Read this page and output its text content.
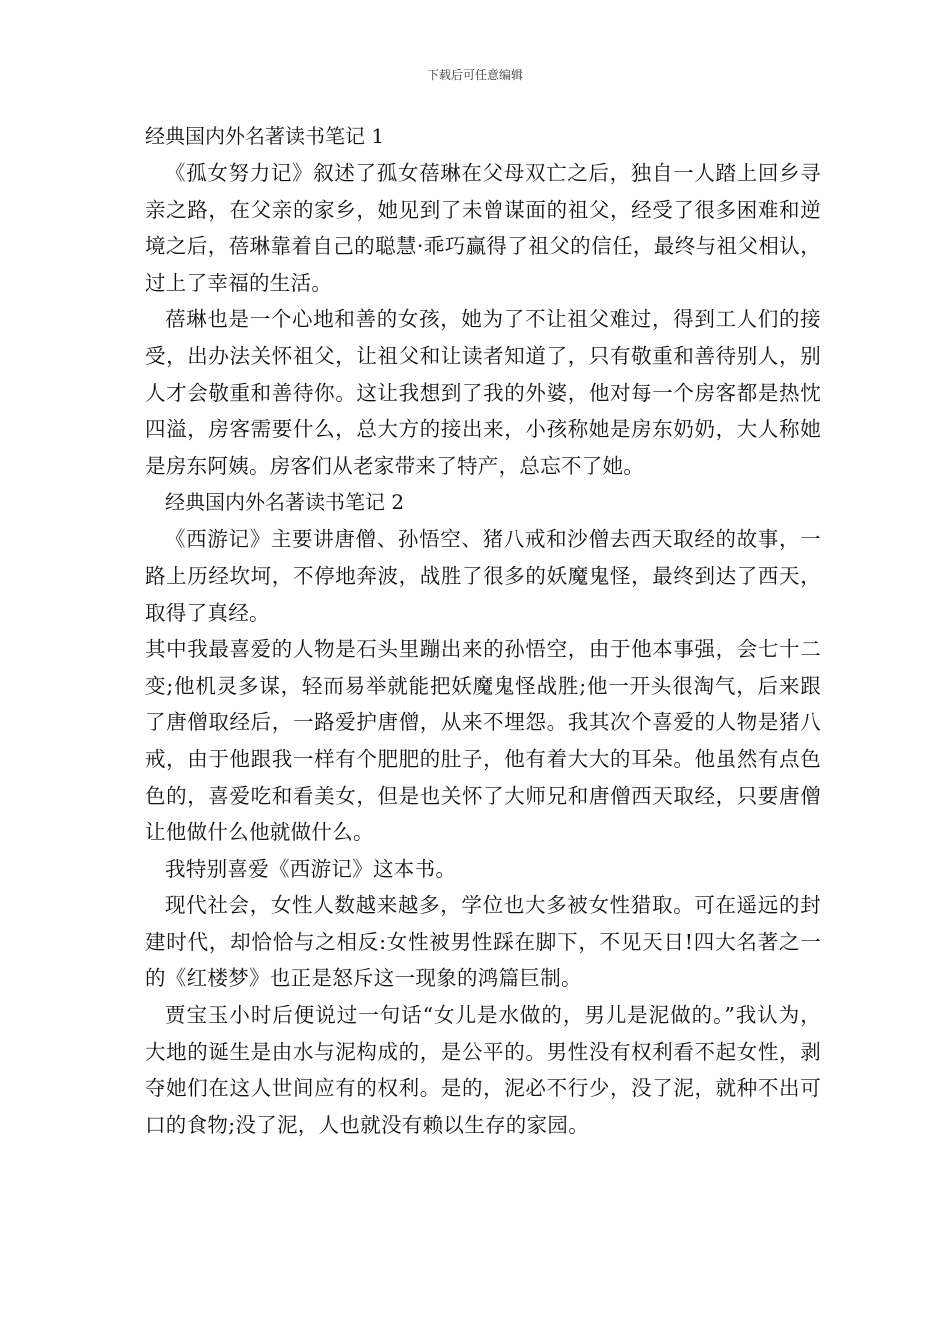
下载后可任意编辑
经典国内外名著读书笔记 1

《孤女努力记》叙述了孤女蓓琳在父母双亡之后，独自一人踏上回乡寻亲之路，在父亲的家乡，她见到了未曾谋面的祖父，经受了很多困难和逆境之后，蓓琳靠着自己的聪慧·乖巧赢得了祖父的信任，最终与祖父相认，过上了幸福的生活。

蓓琳也是一个心地和善的女孩，她为了不让祖父难过，得到工人们的接受，出办法关怀祖父，让祖父和让读者知道了，只有敬重和善待别人，别人才会敬重和善待你。这让我想到了我的外婆，他对每一个房客都是热忱四溢，房客需要什么，总大方的接出来，小孩称她是房东奶奶，大人称她是房东阿姨。房客们从老家带来了特产，总忘不了她。

经典国内外名著读书笔记 2

《西游记》主要讲唐僧、孙悟空、猪八戒和沙僧去西天取经的故事，一路上历经坎坷，不停地奔波，战胜了很多的妖魔鬼怪，最终到达了西天，取得了真经。

其中我最喜爱的人物是石头里蹦出来的孙悟空，由于他本事强，会七十二变;他机灵多谋，轻而易举就能把妖魔鬼怪战胜;他一开头很淘气，后来跟了唐僧取经后，一路爱护唐僧，从来不埋怨。我其次个喜爱的人物是猪八戒，由于他跟我一样有个肥肥的肚子，他有着大大的耳朵。他虽然有点色色的，喜爱吃和看美女，但是也关怀了大师兄和唐僧西天取经，只要唐僧让他做什么他就做什么。

我特别喜爱《西游记》这本书。

现代社会，女性人数越来越多，学位也大多被女性猎取。可在遥远的封建时代，却恰恰与之相反:女性被男性踩在脚下，不见天日!四大名著之一的《红楼梦》也正是怒斥这一现象的鸿篇巨制。

贾宝玉小时后便说过一句话“女儿是水做的，男儿是泥做的。”我认为，大地的诞生是由水与泥构成的，是公平的。男性没有权利看不起女性，剥夺她们在这人世间应有的权利。是的，泥必不行少，没了泥，就种不出可口的食物;没了泥，人也就没有赖以生存的家园。
